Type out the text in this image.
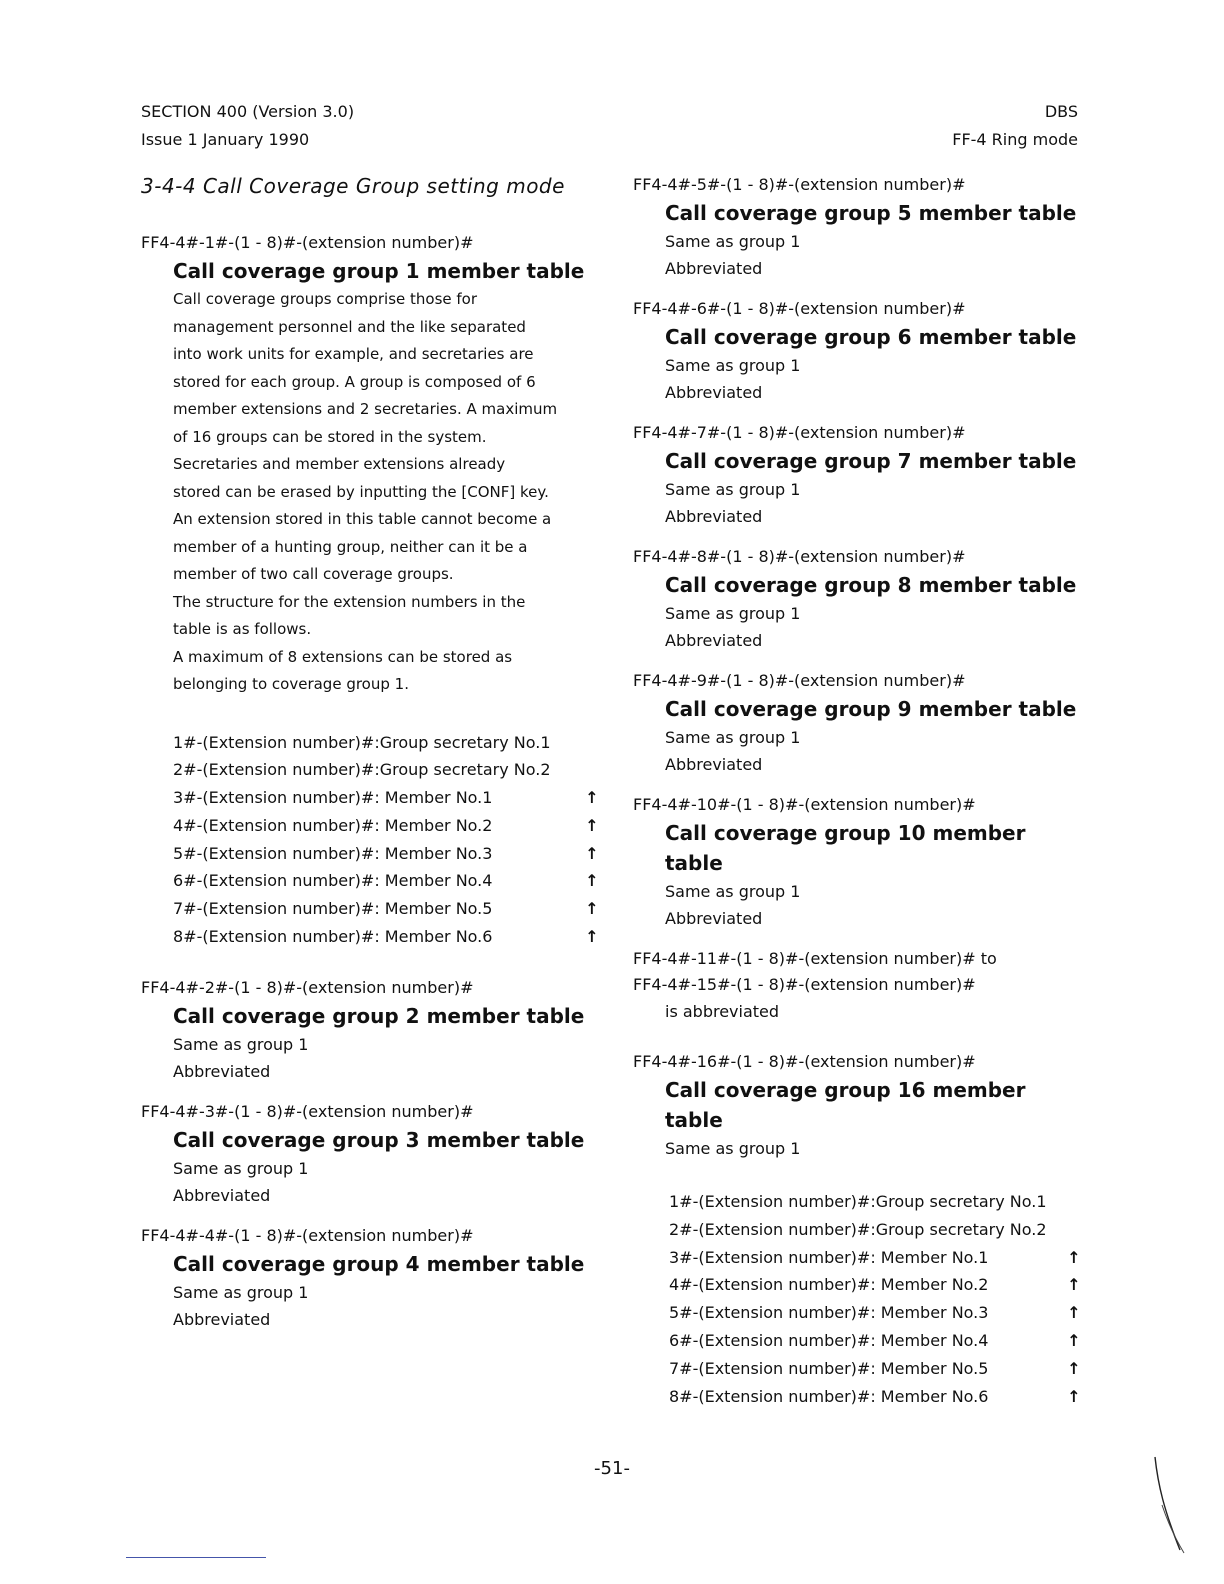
SECTION 400 (Version 3.0)
Issue 1 January 1990
DBS
FF-4 Ring mode
3-4-4 Call Coverage Group setting mode
FF4-4#-1#-(1 - 8)#-(extension number)#
Call coverage group 1 member table
Call coverage groups comprise those for
management personnel and the like separated
into work units for example, and secretaries are
stored for each group. A group is composed of 6
member extensions and 2 secretaries. A maximum
of 16 groups can be stored in the system.
Secretaries and member extensions already
stored can be erased by inputting the [CONF] key.
An extension stored in this table cannot become a
member of a hunting group, neither can it be a
member of two call coverage groups.
The structure for the extension numbers in the
table is as follows.
A maximum of 8 extensions can be stored as
belonging to coverage group 1.
1#-(Extension number)#:Group secretary No.1
2#-(Extension number)#:Group secretary No.2
3#-(Extension number)#: Member No.1	↑
4#-(Extension number)#: Member No.2	↑
5#-(Extension number)#: Member No.3	↑
6#-(Extension number)#: Member No.4	↑
7#-(Extension number)#: Member No.5	↑
8#-(Extension number)#: Member No.6	↑
FF4-4#-2#-(1 - 8)#-(extension number)#
Call coverage group 2 member table
Same as group 1
Abbreviated
FF4-4#-3#-(1 - 8)#-(extension number)#
Call coverage group 3 member table
Same as group 1
Abbreviated
FF4-4#-4#-(1 - 8)#-(extension number)#
Call coverage group 4 member table
Same as group 1
Abbreviated
FF4-4#-5#-(1 - 8)#-(extension number)#
Call coverage group 5 member table
Same as group 1
Abbreviated
FF4-4#-6#-(1 - 8)#-(extension number)#
Call coverage group 6 member table
Same as group 1
Abbreviated
FF4-4#-7#-(1 - 8)#-(extension number)#
Call coverage group 7 member table
Same as group 1
Abbreviated
FF4-4#-8#-(1 - 8)#-(extension number)#
Call coverage group 8 member table
Same as group 1
Abbreviated
FF4-4#-9#-(1 - 8)#-(extension number)#
Call coverage group 9 member table
Same as group 1
Abbreviated
FF4-4#-10#-(1 - 8)#-(extension number)#
Call coverage group 10 member table
Same as group 1
Abbreviated
FF4-4#-11#-(1 - 8)#-(extension number)# to
FF4-4#-15#-(1 - 8)#-(extension number)#
is abbreviated
FF4-4#-16#-(1 - 8)#-(extension number)#
Call coverage group 16 member table
Same as group 1
1#-(Extension number)#:Group secretary No.1
2#-(Extension number)#:Group secretary No.2
3#-(Extension number)#: Member No.1	↑
4#-(Extension number)#: Member No.2	↑
5#-(Extension number)#: Member No.3	↑
6#-(Extension number)#: Member No.4	↑
7#-(Extension number)#: Member No.5	↑
8#-(Extension number)#: Member No.6	↑
-51-
